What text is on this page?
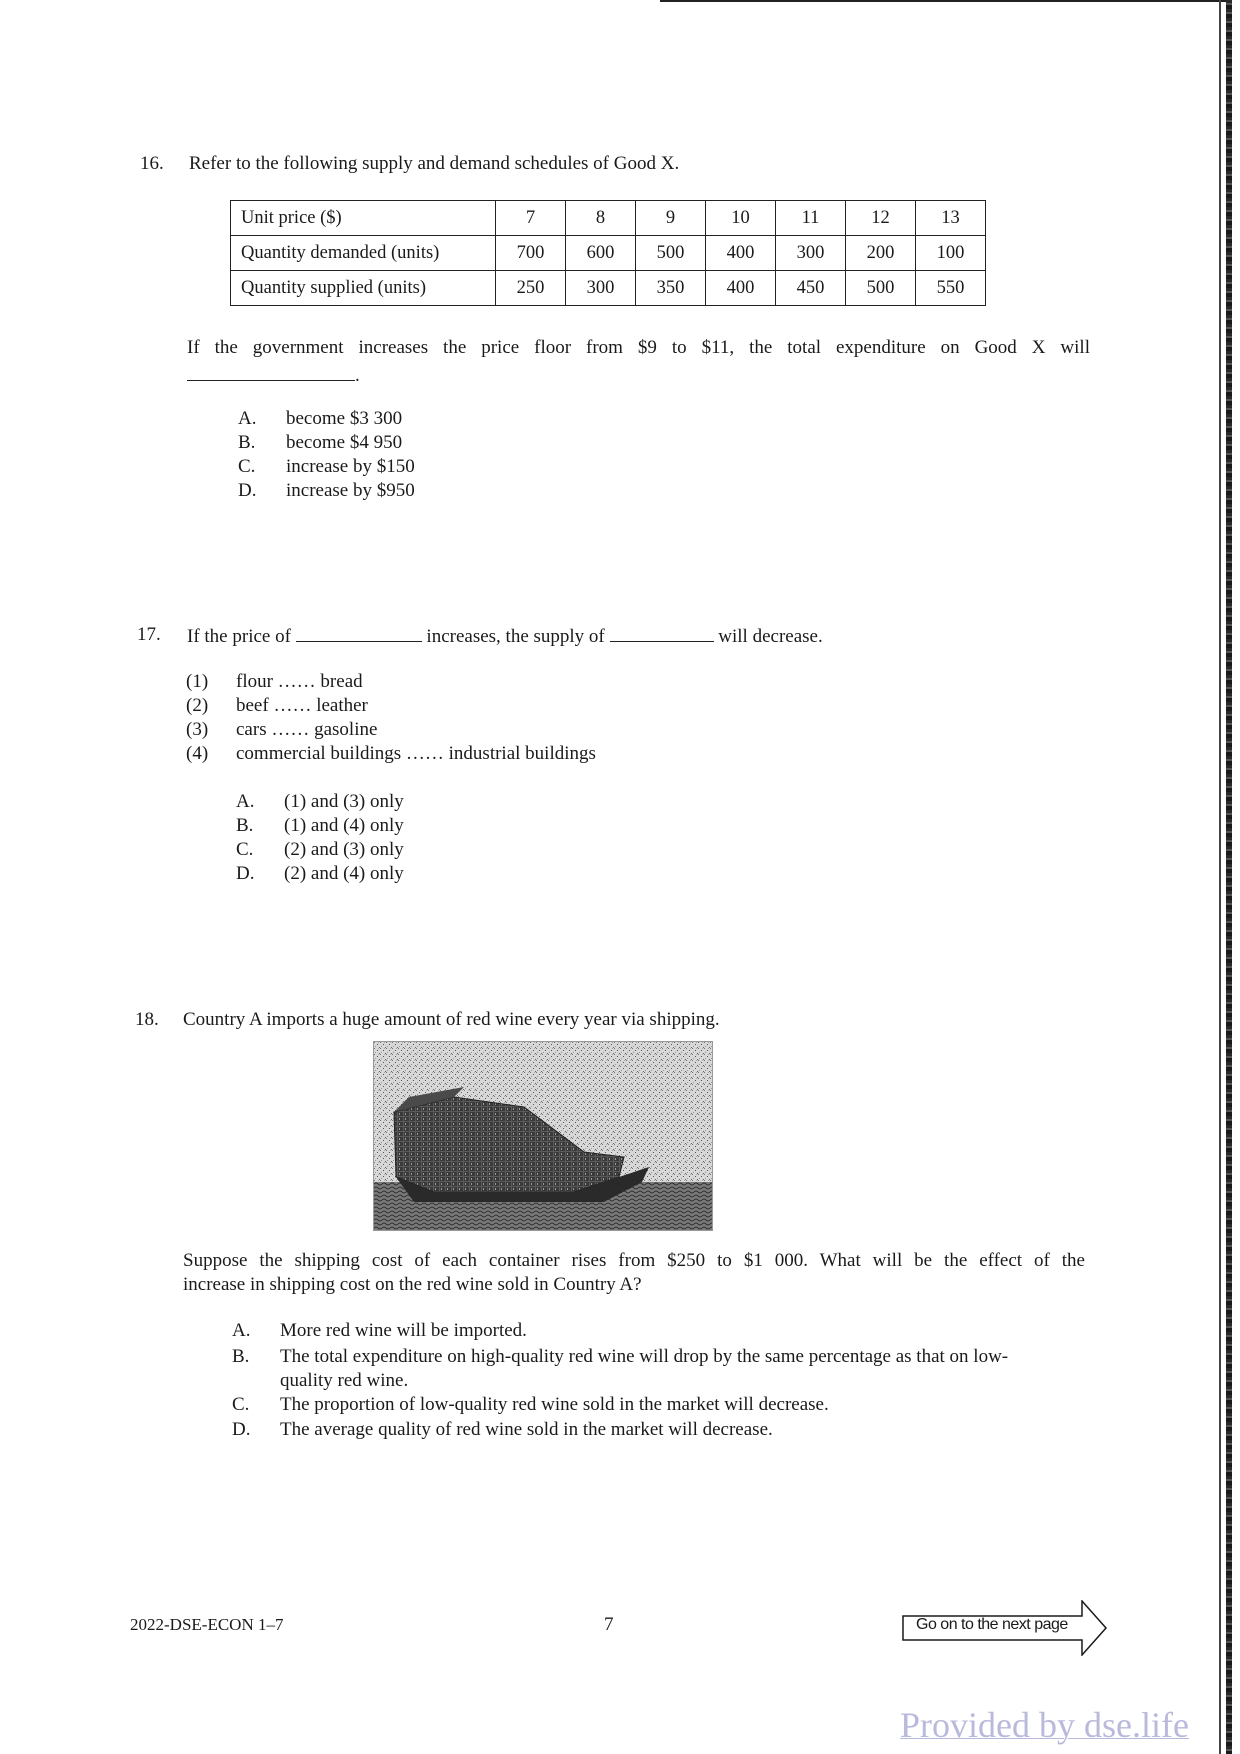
16. Refer to the following supply and demand schedules of Good X.
Unit price ($)	7	8	9	10	11	12	13
Quantity demanded (units)	700	600	500	400	300	200	100
Quantity supplied (units)	250	300	350	400	450	500	550
If the government increases the price floor from $9 to $11, the total expenditure on Good X will
.
A. become $3 300
B. become $4 950
C. increase by $150
D. increase by $950
17. If the price of	increases, the supply of	will decrease.
(1) flour …… bread
(2) beef …… leather
(3) cars …… gasoline
(4) commercial buildings …… industrial buildings
A. (1) and (3) only
B. (1) and (4) only
C. (2) and (3) only
D. (2) and (4) only
18. Country A imports a huge amount of red wine every year via shipping.
Suppose the shipping cost of each container rises from $250 to $1 000. What will be the effect of the
increase in shipping cost on the red wine sold in Country A?
A. More red wine will be imported.
B. The total expenditure on high-quality red wine will drop by the same percentage as that on low-
quality red wine.
C. The proportion of low-quality red wine sold in the market will decrease.
D. The average quality of red wine sold in the market will decrease.
2022-DSE-ECON 1–7	7	Go on to the next page
Provided by dse.life
